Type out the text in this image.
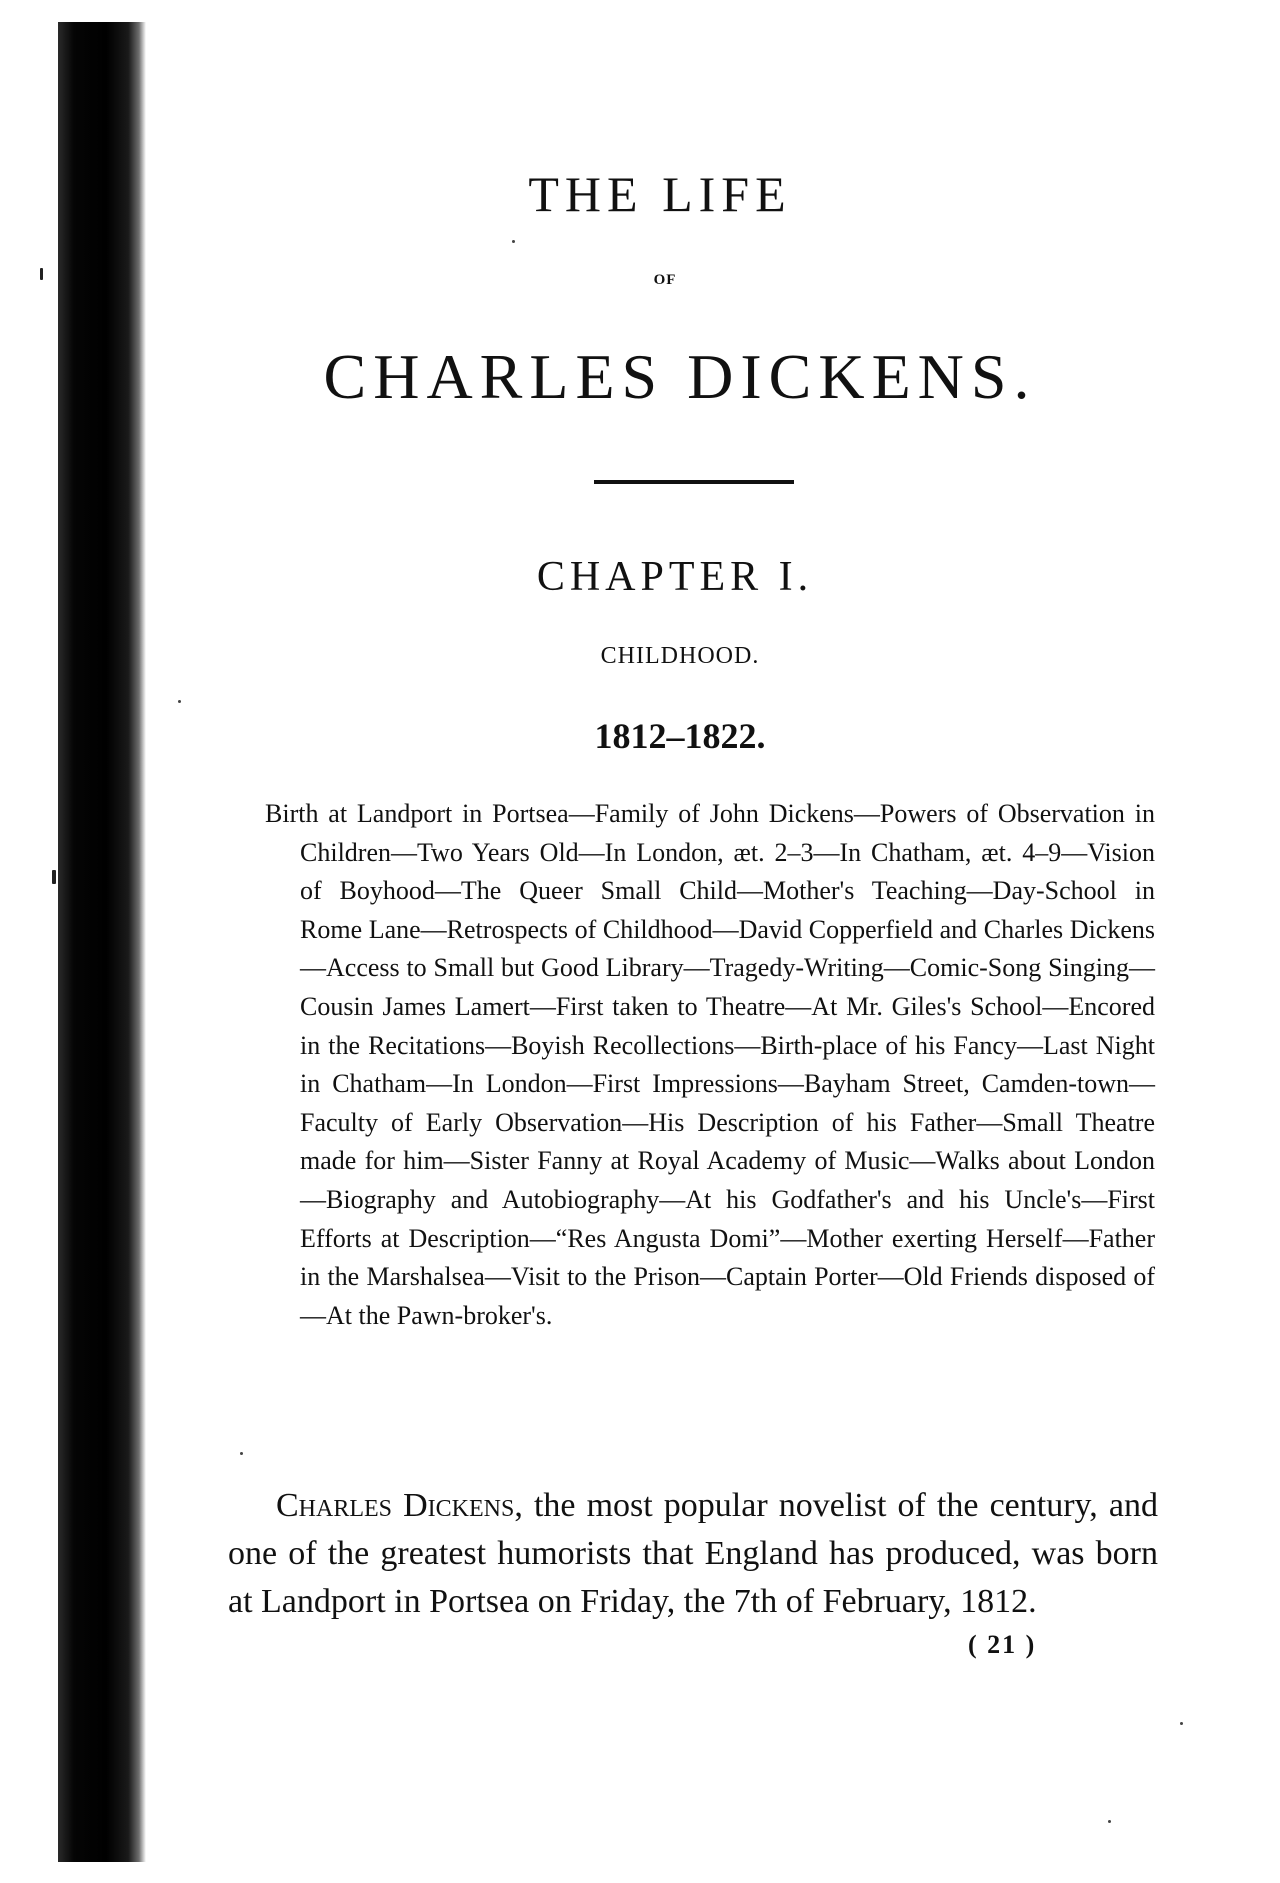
THE LIFE
OF
CHARLES DICKENS.
CHAPTER I.
CHILDHOOD.
1812–1822.

Birth at Landport in Portsea—Family of John Dickens—Powers of Observation in Children—Two Years Old—In London, æt. 2–3—In Chatham, æt. 4–9—Vision of Boyhood—The Queer Small Child—Mother's Teaching—Day-School in Rome Lane—Retrospects of Childhood—David Copperfield and Charles Dickens—Access to Small but Good Library—Tragedy-Writing—Comic-Song Singing—Cousin James Lamert—First taken to Theatre—At Mr. Giles's School—Encored in the Recitations—Boyish Recollections—Birth-place of his Fancy—Last Night in Chatham—In London—First Impressions—Bayham Street, Camden-town—Faculty of Early Observation—His Description of his Father—Small Theatre made for him—Sister Fanny at Royal Academy of Music—Walks about London—Biography and Autobiography—At his Godfather's and his Uncle's—First Efforts at Description—“Res Angusta Domi”—Mother exerting Herself—Father in the Marshalsea—Visit to the Prison—Captain Porter—Old Friends disposed of—At the Pawn-broker's.

Charles Dickens, the most popular novelist of the century, and one of the greatest humorists that England has produced, was born at Landport in Portsea on Friday, the 7th of February, 1812.

( 21 )
